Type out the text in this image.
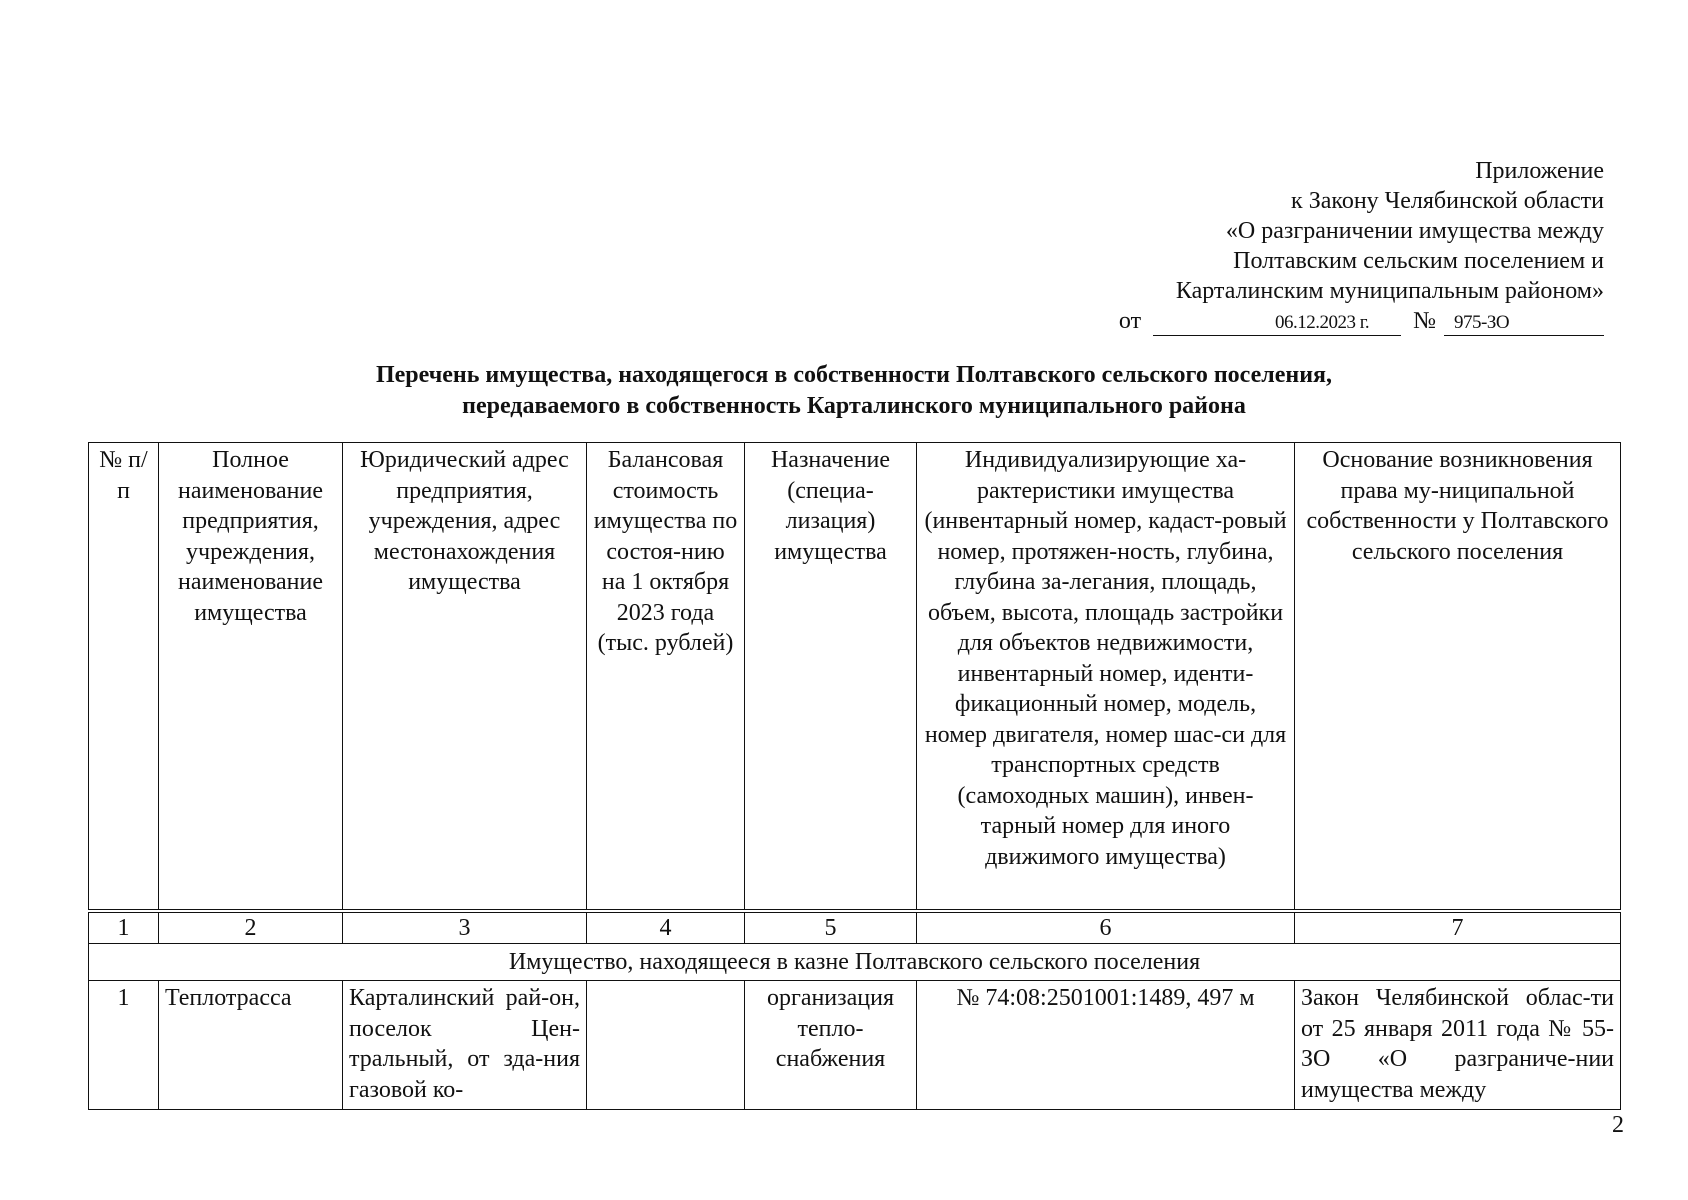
Приложение
к Закону Челябинской области
«О разграничении имущества между
Полтавским сельским поселением и
Карталинским муниципальным районом»
от	06.12.2023 г. № 975-ЗО
Перечень имущества, находящегося в собственности Полтавского сельского поселения,
передаваемого в собственность Карталинского муниципального района
№ п/п	Полное наименование предприятия, учреждения, наименование имущества	Юридический адрес предприятия, учреждения, адрес местонахождения имущества	Балансовая стоимость имущества по состоя-нию на 1 октября 2023 года (тыс. рублей)	Назначение (специа-лизация) имущества	Индивидуализирующие ха-рактеристики имущества (инвентарный номер, кадаст-ровый номер, протяжен-ность, глубина, глубина за-легания, площадь, объем, высота, площадь застройки для объектов недвижимости, инвентарный номер, иденти-фикационный номер, модель, номер двигателя, номер шас-си для транспортных средств (самоходных машин), инвен-тарный номер для иного движимого имущества)	Основание возникновения права му-ниципальной собственности у Полтавского сельского поселения
1	2	3	4	5	6	7
Имущество, находящееся в казне Полтавского сельского поселения						
1	Теплотрасса	Карталинский рай-он, поселок Цен-тральный, от зда-ния газовой ко-		организация тепло-снабжения	№ 74:08:2501001:1489, 497 м	Закон Челябинской облас-ти от 25 января 2011 года № 55-ЗО «О разграниче-нии имущества между
2
